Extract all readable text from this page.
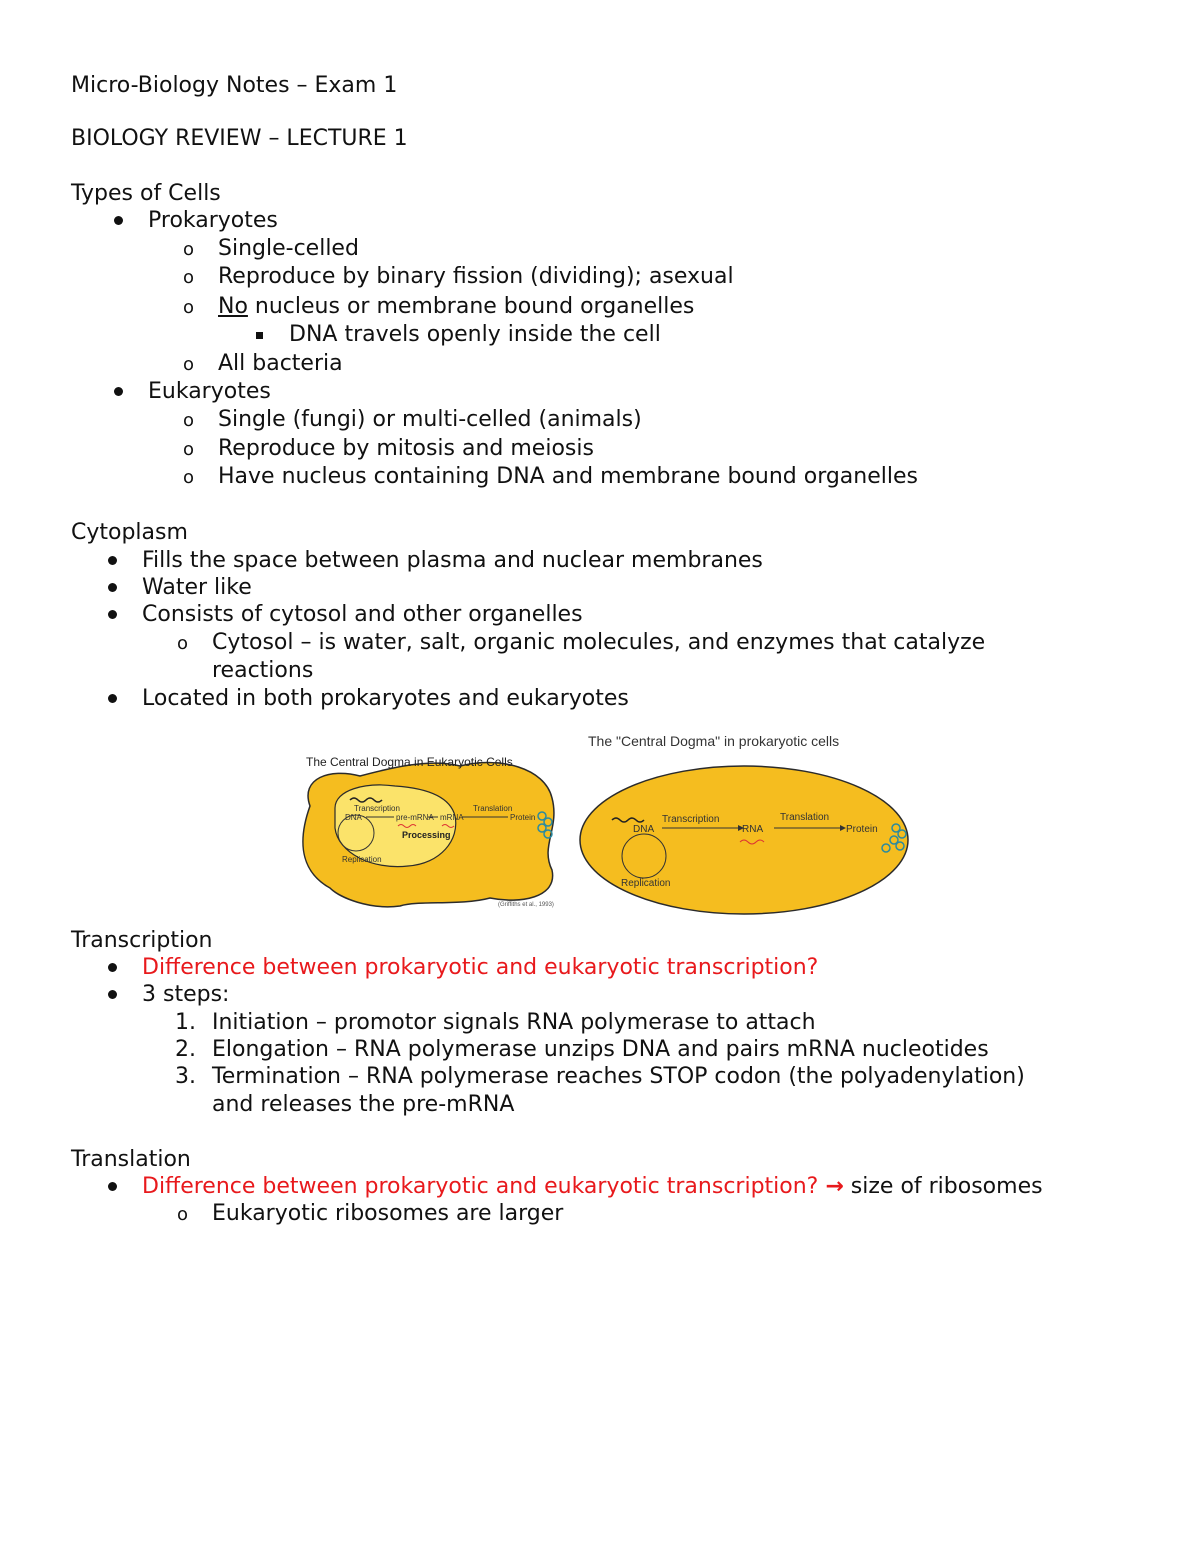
Micro-Biology Notes – Exam 1
BIOLOGY REVIEW – LECTURE 1
Types of Cells
Prokaryotes
o Single-celled
o Reproduce by binary fission (dividing); asexual
o No nucleus or membrane bound organelles
DNA travels openly inside the cell
o All bacteria
Eukaryotes
o Single (fungi) or multi-celled (animals)
o Reproduce by mitosis and meiosis
o Have nucleus containing DNA and membrane bound organelles
Cytoplasm
Fills the space between plasma and nuclear membranes
Water like
Consists of cytosol and other organelles
o Cytosol – is water, salt, organic molecules, and enzymes that catalyze
reactions
Located in both prokaryotes and eukaryotes
The Central Dogma in Eukaryotic Cells
Transcription
DNA	pre-mRNA mRNA
Translation
Protein
Processing
Replication
(Griffiths et al., 1993)
The "Central Dogma" in prokaryotic cells
DNA
Replication
Transcription
RNA
Translation
Protein
Transcription
Difference between prokaryotic and eukaryotic transcription?
3 steps:
1. Initiation – promotor signals RNA polymerase to attach
2. Elongation – RNA polymerase unzips DNA and pairs mRNA nucleotides
3. Termination – RNA polymerase reaches STOP codon (the polyadenylation)
and releases the pre-mRNA
Translation
Difference between prokaryotic and eukaryotic transcription? → size of ribosomes
o Eukaryotic ribosomes are larger
